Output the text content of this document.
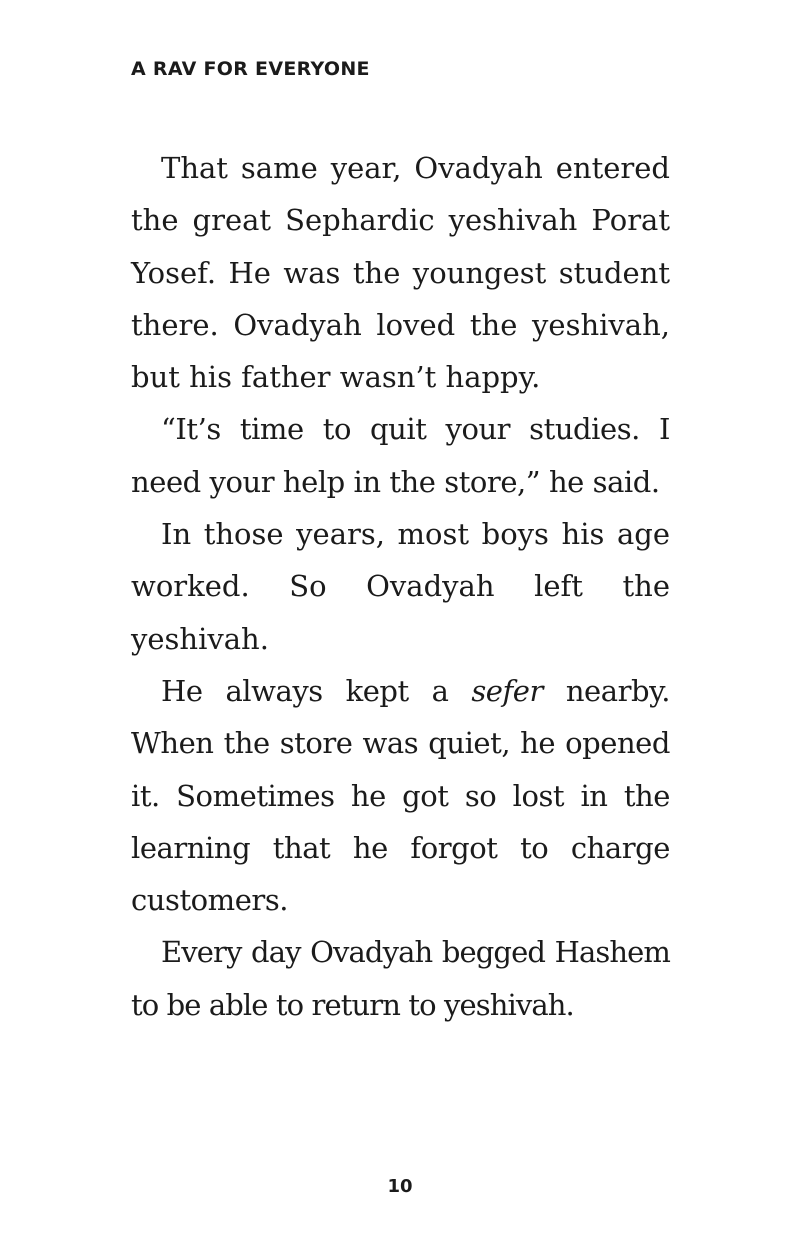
A RAV FOR EVERYONE

That same year, Ovadyah entered the great Sephardic yeshivah Porat Yosef. He was the youngest student there. Ovadyah loved the yeshivah, but his father wasn’t happy.

“It’s time to quit your studies. I need your help in the store,” he said.

In those years, most boys his age worked. So Ovadyah left the yeshivah.

He always kept a sefer nearby. When the store was quiet, he opened it. Sometimes he got so lost in the learning that he forgot to charge customers.

Every day Ovadyah begged Hashem to be able to return to yeshivah.

10
